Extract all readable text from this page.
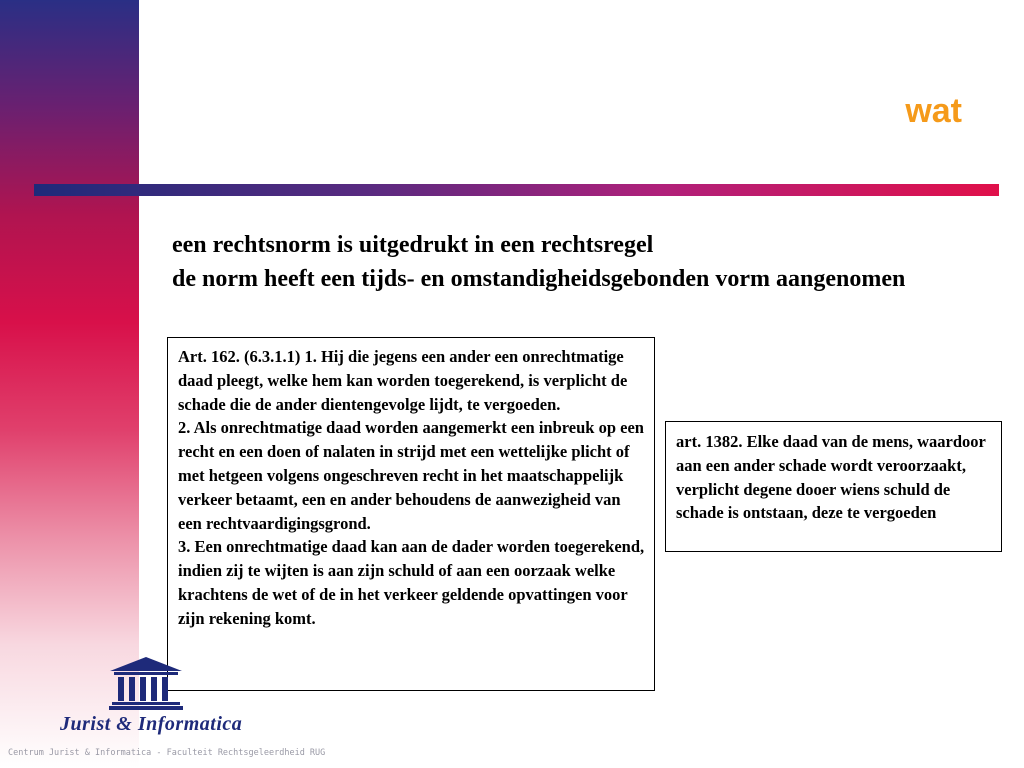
wat

een rechtsnorm is uitgedrukt in een rechtsregel

de norm heeft een tijds- en omstandigheidsgebonden vorm aangenomen

Art. 162. (6.3.1.1) 1. Hij die jegens een ander een onrechtmatige daad pleegt, welke hem kan worden toegerekend, is verplicht de schade die de ander dientengevolge lijdt, te vergoeden.

2. Als onrechtmatige daad worden aangemerkt een inbreuk op een recht en een doen of nalaten in strijd met een wettelijke plicht of met hetgeen volgens ongeschreven recht in het maatschappelijk verkeer betaamt, een en ander behoudens de aanwezigheid van een rechtvaardigingsgrond.

3. Een onrechtmatige daad kan aan de dader worden toegerekend, indien zij te wijten is aan zijn schuld of aan een oorzaak welke krachtens de wet of de in het verkeer geldende opvattingen voor zijn rekening komt.

art. 1382. Elke daad van de mens, waardoor aan een ander schade wordt veroorzaakt, verplicht degene dooer wiens schuld de schade is ontstaan, deze te vergoeden

Jurist & Informatica
Centrum Jurist & Informatica - Faculteit Rechtsgeleerdheid RUG
